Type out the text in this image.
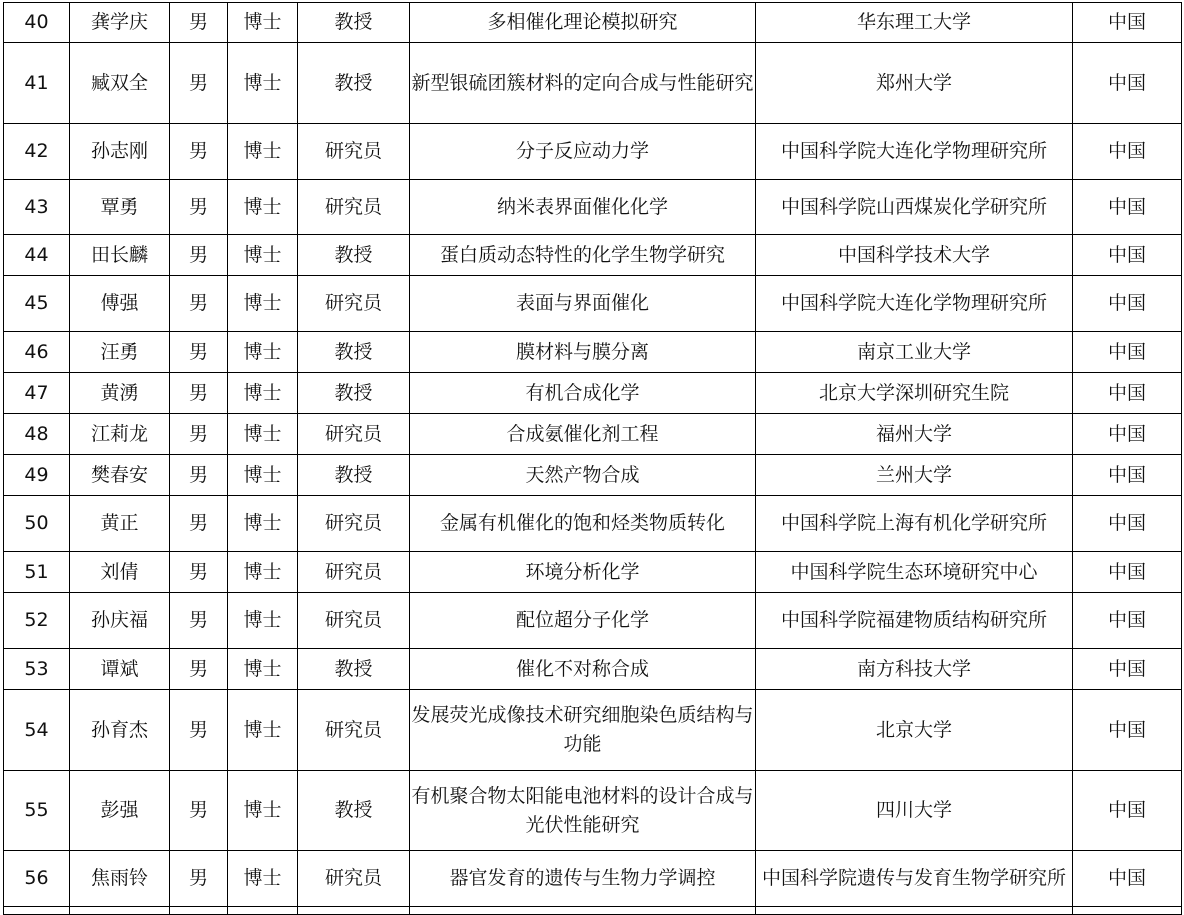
40	龚学庆	男	博士	教授	多相催化理论模拟研究	华东理工大学	中国
41	臧双全	男	博士	教授	新型银硫团簇材料的定向合成与性能研究	郑州大学	中国
42	孙志刚	男	博士	研究员	分子反应动力学	中国科学院大连化学物理研究所	中国
43	覃勇	男	博士	研究员	纳米表界面催化化学	中国科学院山西煤炭化学研究所	中国
44	田长麟	男	博士	教授	蛋白质动态特性的化学生物学研究	中国科学技术大学	中国
45	傅强	男	博士	研究员	表面与界面催化	中国科学院大连化学物理研究所	中国
46	汪勇	男	博士	教授	膜材料与膜分离	南京工业大学	中国
47	黄湧	男	博士	教授	有机合成化学	北京大学深圳研究生院	中国
48	江莉龙	男	博士	研究员	合成氨催化剂工程	福州大学	中国
49	樊春安	男	博士	教授	天然产物合成	兰州大学	中国
50	黄正	男	博士	研究员	金属有机催化的饱和烃类物质转化	中国科学院上海有机化学研究所	中国
51	刘倩	男	博士	研究员	环境分析化学	中国科学院生态环境研究中心	中国
52	孙庆福	男	博士	研究员	配位超分子化学	中国科学院福建物质结构研究所	中国
53	谭斌	男	博士	教授	催化不对称合成	南方科技大学	中国
54	孙育杰	男	博士	研究员	发展荧光成像技术研究细胞染色质结构与功能	北京大学	中国
55	彭强	男	博士	教授	有机聚合物太阳能电池材料的设计合成与光伏性能研究	四川大学	中国
56	焦雨铃	男	博士	研究员	器官发育的遗传与生物力学调控	中国科学院遗传与发育生物学研究所	中国
